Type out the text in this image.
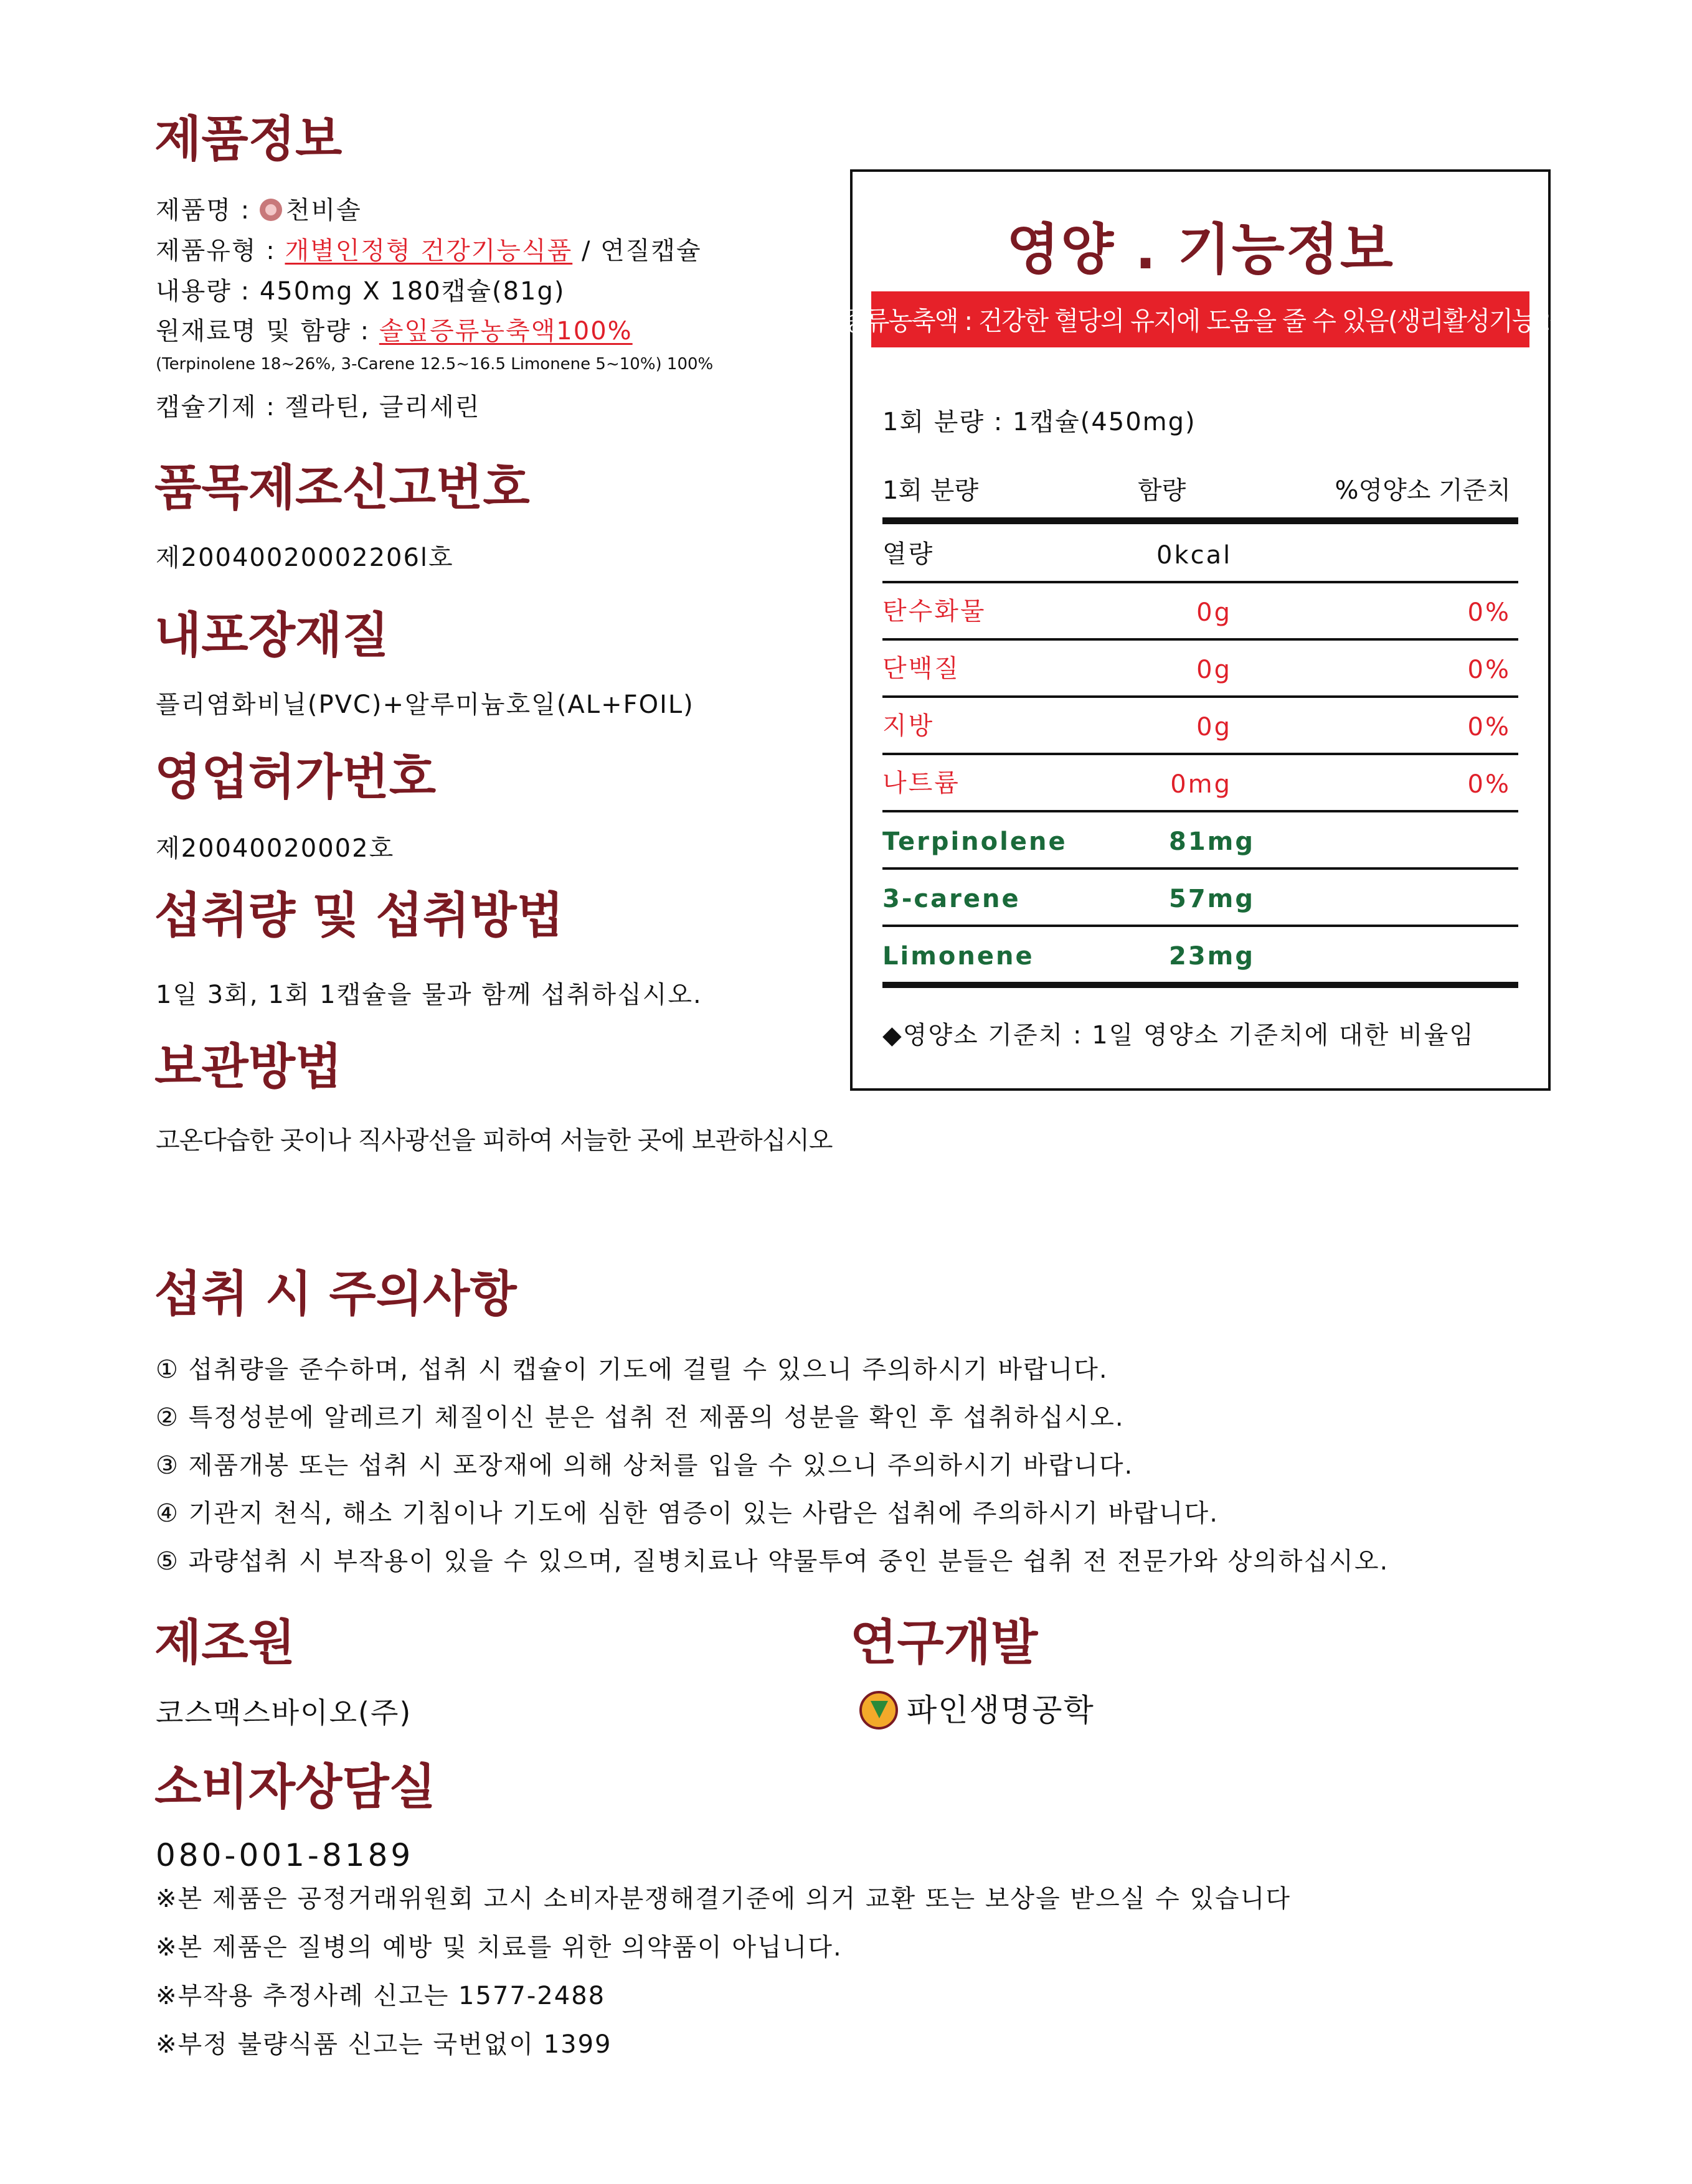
제품정보
제품명 : 천비솔
제품유형 : 개별인정형 건강기능식품 / 연질캡슐
내용량 : 450mg X 180캡슐(81g)
원재료명 및 함량 : 솔잎증류농축액100%
(Terpinolene 18~26%, 3-Carene 12.5~16.5 Limonene 5~10%) 100%
캡슐기제 : 젤라틴, 글리세린
품목제조신고번호
제20040020002206l호
내포장재질
플리염화비닐(PVC)+알루미늄호일(AL+FOIL)
영업허가번호
제20040020002호
섭취량 및 섭취방법
1일 3회, 1회 1캡슐을 물과 함께 섭취하십시오.
보관방법
고온다습한 곳이나 직사광선을 피하여 서늘한 곳에 보관하십시오
영양 . 기능정보
솔잎증류농축액 : 건강한 혈당의 유지에 도움을 줄 수 있음(생리활성기능2등급)
1회 분량 : 1캡슐(450mg)
1회 분량	함량	%영양소 기준치
열량	0kcal
탄수화물	0g	0%
단백질	0g	0%
지방	0g	0%
나트륨	0mg	0%
Terpinolene	81mg
3-carene	57mg
Limonene	23mg
◆영양소 기준치 : 1일 영양소 기준치에 대한 비율임
섭취 시 주의사항
① 섭취량을 준수하며, 섭취 시 캡슐이 기도에 걸릴 수 있으니 주의하시기 바랍니다.
② 특정성분에 알레르기 체질이신 분은 섭취 전 제품의 성분을 확인 후 섭취하십시오.
③ 제품개봉 또는 섭취 시 포장재에 의해 상처를 입을 수 있으니 주의하시기 바랍니다.
④ 기관지 천식, 해소 기침이나 기도에 심한 염증이 있는 사람은 섭취에 주의하시기 바랍니다.
⑤ 과량섭취 시 부작용이 있을 수 있으며, 질병치료나 약물투여 중인 분들은 쉽취 전 전문가와 상의하십시오.
제조원
코스맥스바이오(주)
연구개발
파인생명공학
소비자상담실
080-001-8189
※본 제품은 공정거래위원회 고시 소비자분쟁해결기준에 의거 교환 또는 보상을 받으실 수 있습니다
※본 제품은 질병의 예방 및 치료를 위한 의약품이 아닙니다.
※부작용 추정사례 신고는 1577-2488
※부정 불량식품 신고는 국번없이 1399
